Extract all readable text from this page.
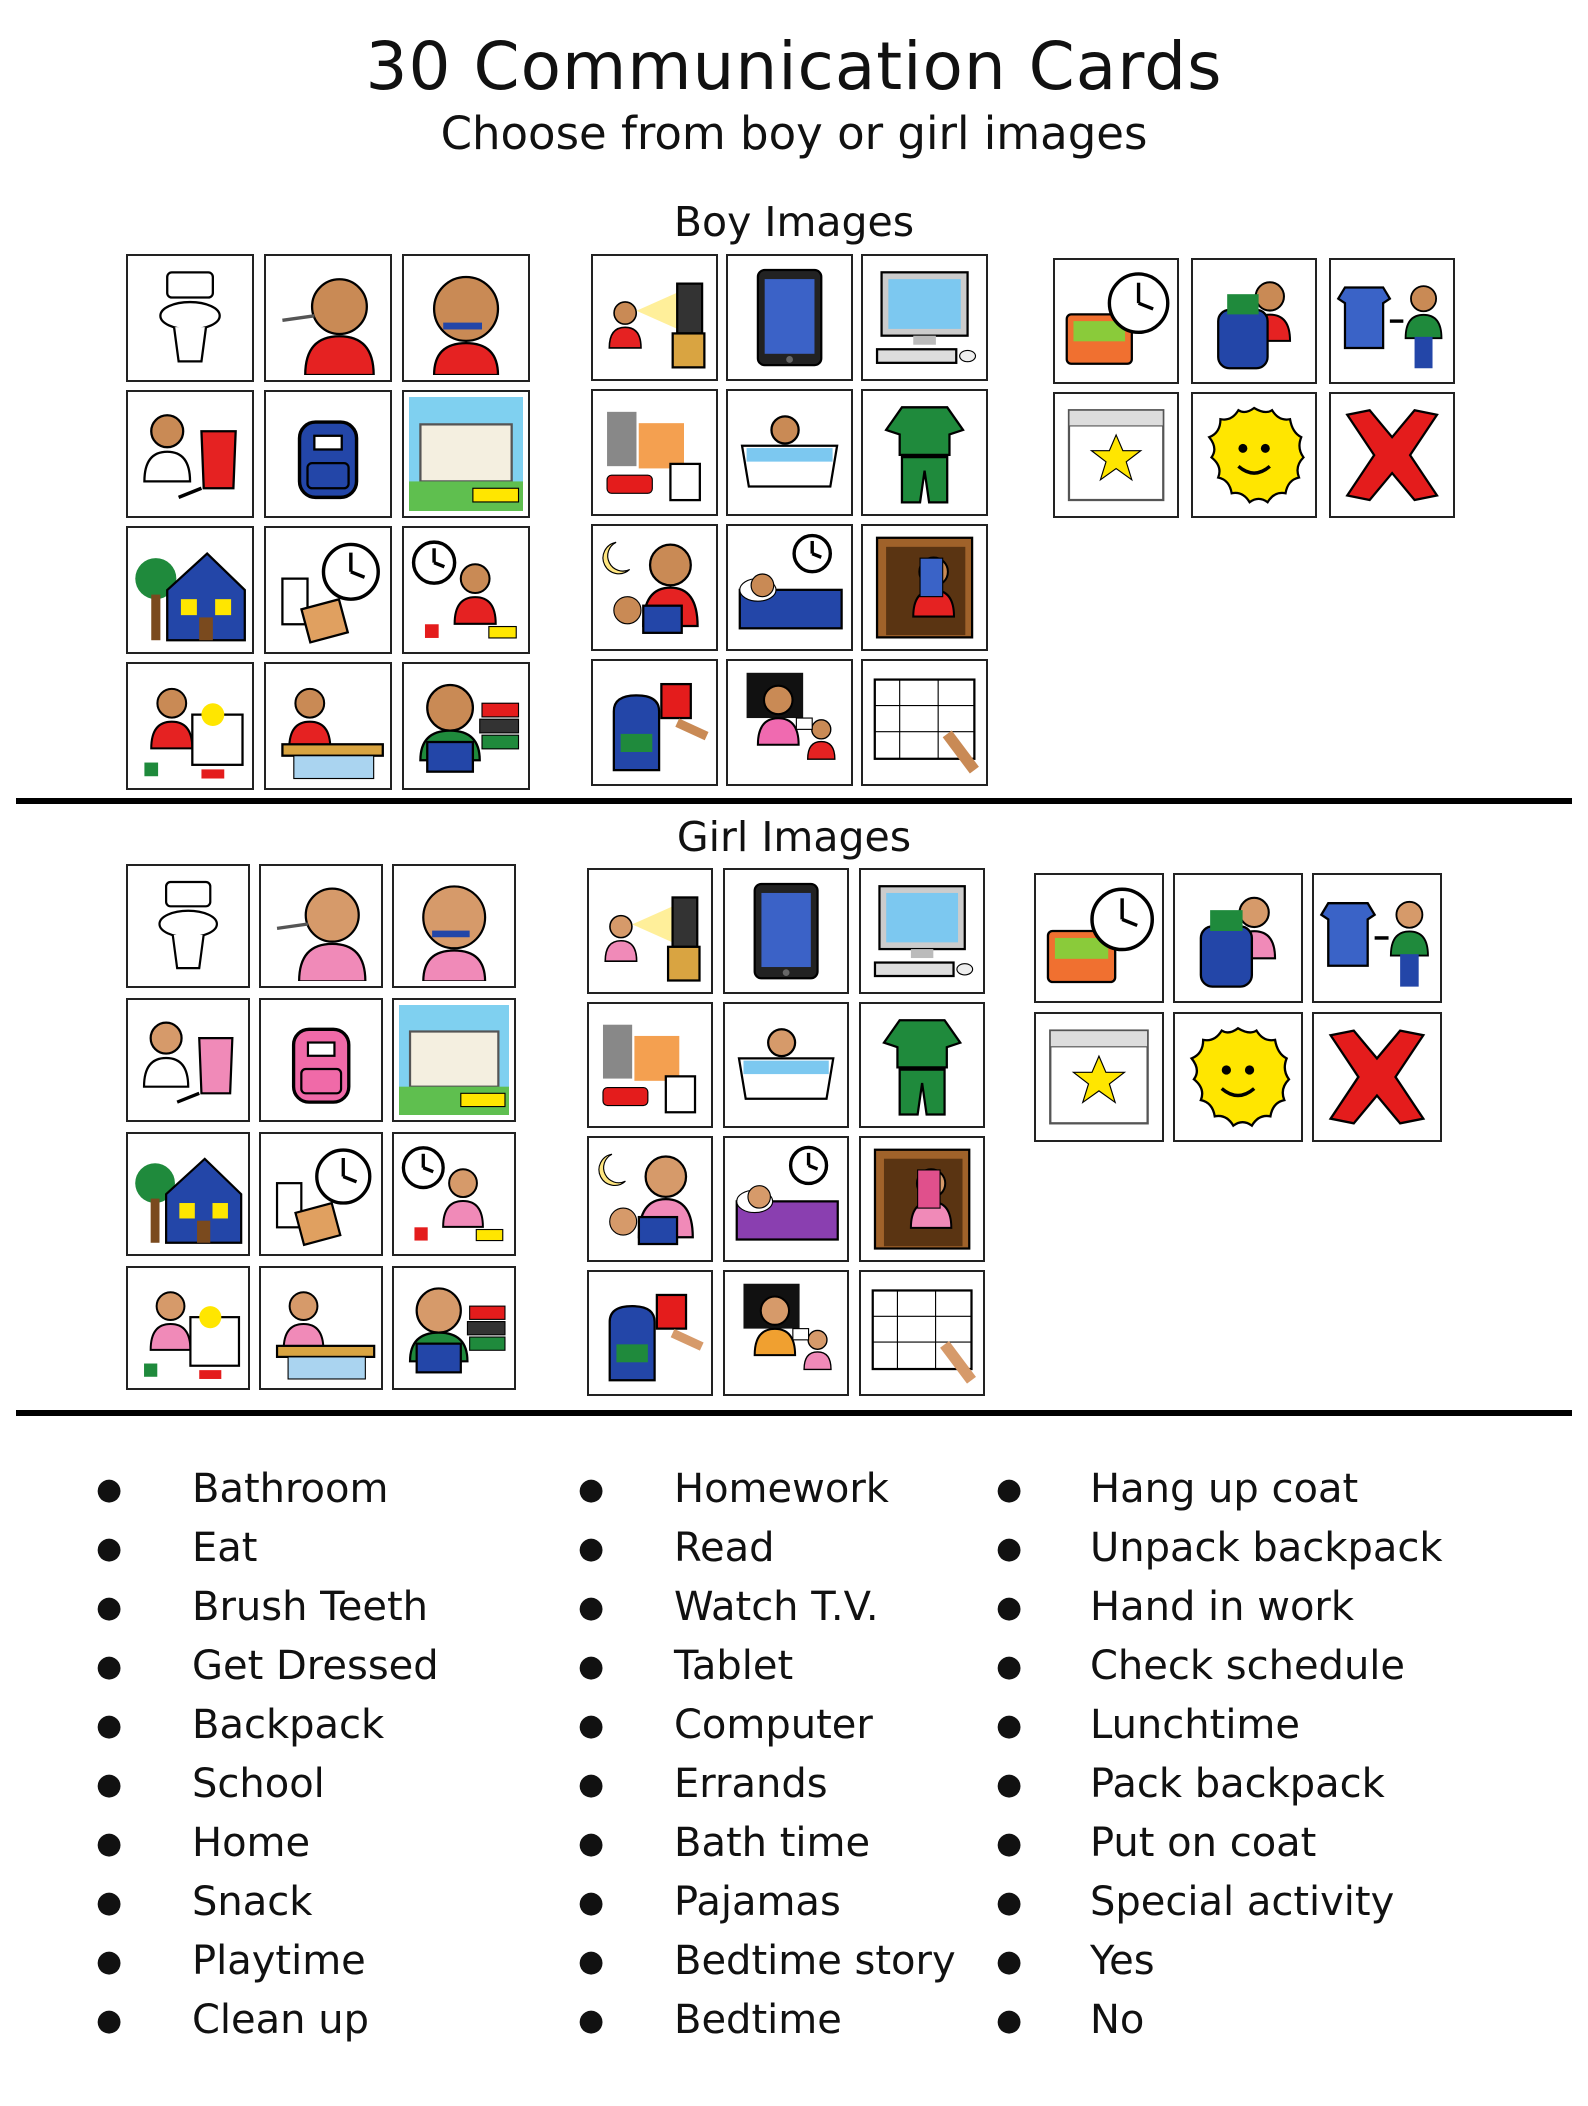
30 Communication Cards
Choose from boy or girl images
Boy Images
Girl Images
● Bathroom
● Eat
● Brush Teeth
● Get Dressed
● Backpack
● School
● Home
● Snack
● Playtime
● Clean up
● Homework
● Read
● Watch T.V.
● Tablet
● Computer
● Errands
● Bath time
● Pajamas
● Bedtime story
● Bedtime
● Hang up coat
● Unpack backpack
● Hand in work
● Check schedule
● Lunchtime
● Pack backpack
● Put on coat
● Special activity
● Yes
● No
